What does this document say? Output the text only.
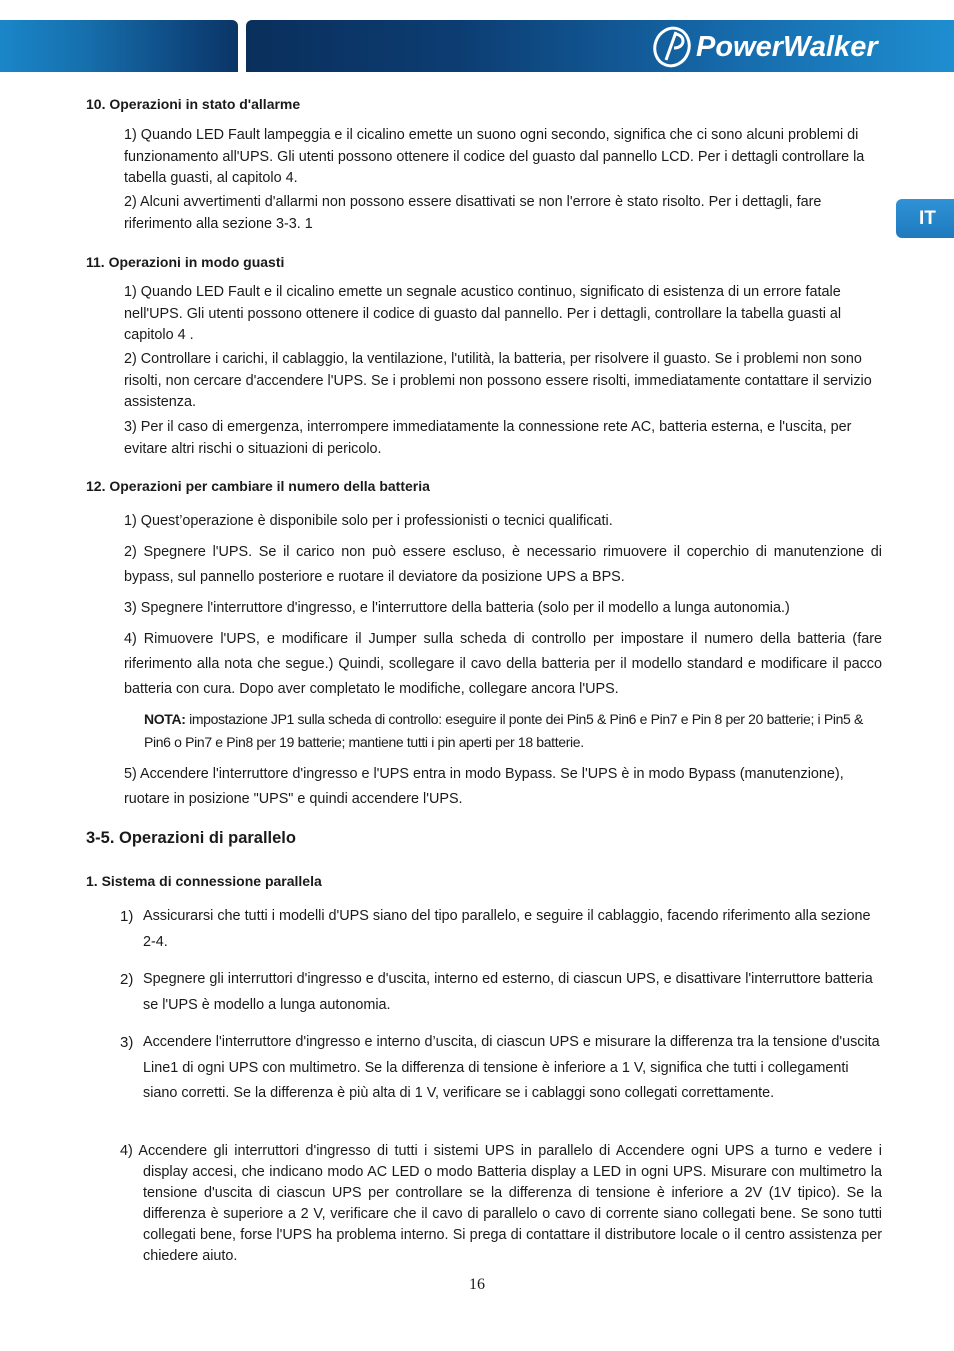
PowerWalker
IT
10. Operazioni in stato d'allarme

1) Quando LED Fault lampeggia e il cicalino emette un suono ogni secondo, significa che ci sono alcuni problemi di funzionamento all'UPS. Gli utenti possono ottenere il codice del guasto dal pannello LCD. Per i dettagli controllare la tabella guasti, al capitolo 4.

2) Alcuni avvertimenti d'allarmi non possono essere disattivati se non l'errore è stato risolto. Per i dettagli, fare riferimento alla sezione 3-3. 1

11. Operazioni in modo guasti

1) Quando LED Fault e il cicalino emette un segnale acustico continuo, significato di esistenza di un errore fatale nell'UPS. Gli utenti possono ottenere il codice di guasto dal pannello. Per i dettagli, controllare la tabella guasti al capitolo 4 .

2) Controllare i carichi, il cablaggio, la ventilazione, l'utilità, la batteria, per risolvere il guasto. Se i problemi non sono risolti, non cercare d'accendere l'UPS. Se i problemi non possono essere risolti, immediatamente contattare il servizio assistenza.

3) Per il caso di emergenza, interrompere immediatamente la connessione rete AC, batteria esterna, e l'uscita, per evitare altri rischi o situazioni di pericolo.

12. Operazioni per cambiare il numero della batteria

1) Quest’operazione è disponibile solo per i professionisti o tecnici qualificati.

2) Spegnere l'UPS. Se il carico non può essere escluso, è necessario rimuovere il coperchio di manutenzione di bypass, sul pannello posteriore e ruotare il deviatore da posizione UPS a BPS.

3) Spegnere l'interruttore d'ingresso, e l'interruttore della batteria (solo per il modello a lunga autonomia.)

4) Rimuovere l'UPS, e modificare il Jumper sulla scheda di controllo per impostare il numero della batteria (fare riferimento alla nota che segue.) Quindi, scollegare il cavo della batteria per il modello standard e modificare il pacco batteria con cura. Dopo aver completato le modifiche, collegare ancora l'UPS.

NOTA: impostazione JP1 sulla scheda di controllo: eseguire il ponte dei Pin5 & Pin6 e Pin7 e Pin 8 per 20 batterie; i Pin5 & Pin6 o Pin7 e Pin8 per 19 batterie; mantiene tutti i pin aperti per 18 batterie.

5) Accendere l'interruttore d'ingresso e l'UPS entra in modo Bypass. Se l'UPS è in modo Bypass (manutenzione), ruotare in posizione "UPS" e quindi accendere l'UPS.

3-5. Operazioni di parallelo
1. Sistema di connessione parallela
1) Assicurarsi che tutti i modelli d'UPS siano del tipo parallelo, e seguire il cablaggio, facendo riferimento alla sezione 2-4.
2) Spegnere gli interruttori d'ingresso e d'uscita, interno ed esterno, di ciascun UPS, e disattivare l'interruttore batteria se l'UPS è modello a lunga autonomia.
3) Accendere l'interruttore d'ingresso e interno d’uscita, di ciascun UPS e misurare la differenza tra la tensione d'uscita Line1 di ogni UPS con multimetro. Se la differenza di tensione è inferiore a 1 V, significa che tutti i collegamenti siano corretti. Se la differenza è più alta di 1 V, verificare se i cablaggi sono collegati correttamente.

4) Accendere gli interruttori d'ingresso di tutti i sistemi UPS in parallelo di Accendere ogni UPS a turno e vedere i display accesi, che indicano modo AC LED o modo Batteria display a LED in ogni UPS. Misurare con multimetro la tensione d'uscita di ciascun UPS per controllare se la differenza di tensione è inferiore a 2V (1V tipico). Se la differenza è superiore a 2 V, verificare che il cavo di parallelo o cavo di corrente siano collegati bene. Se sono tutti collegati bene, forse l'UPS ha problema interno. Si prega di contattare il distributore locale o il centro assistenza per chiedere aiuto.

16
